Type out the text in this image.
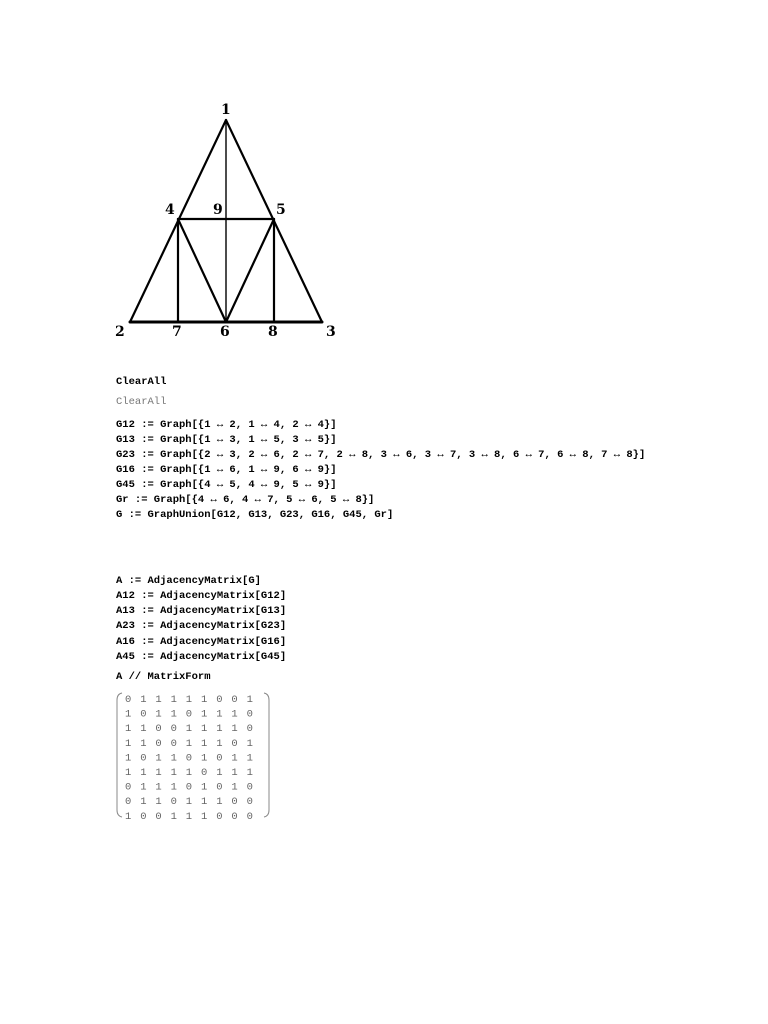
1
2	3
4	5
6
7	8
9
ClearAll
ClearAll
G12 := Graph[{1 ↔ 2, 1 ↔ 4, 2 ↔ 4}]
G13 := Graph[{1 ↔ 3, 1 ↔ 5, 3 ↔ 5}]
G23 := Graph[{2 ↔ 3, 2 ↔ 6, 2 ↔ 7, 2 ↔ 8, 3 ↔ 6, 3 ↔ 7, 3 ↔ 8, 6 ↔ 7, 6 ↔ 8, 7 ↔ 8}]
G16 := Graph[{1 ↔ 6, 1 ↔ 9, 6 ↔ 9}]
G45 := Graph[{4 ↔ 5, 4 ↔ 9, 5 ↔ 9}]
Gr := Graph[{4 ↔ 6, 4 ↔ 7, 5 ↔ 6, 5 ↔ 8}]
G := GraphUnion[G12, G13, G23, G16, G45, Gr]
A := AdjacencyMatrix[G]
A12 := AdjacencyMatrix[G12]
A13 := AdjacencyMatrix[G13]
A23 := AdjacencyMatrix[G23]
A16 := AdjacencyMatrix[G16]
A45 := AdjacencyMatrix[G45]
A // MatrixForm
0 1 1 1 1 1 0 0 1
1 0 1 1 0 1 1 1 0
1 1 0 0 1 1 1 1 0
1 1 0 0 1 1 1 0 1
1 0 1 1 0 1 0 1 1
1 1 1 1 1 0 1 1 1
0 1 1 1 0 1 0 1 0
0 1 1 0 1 1 1 0 0
1 0 0 1 1 1 0 0 0
